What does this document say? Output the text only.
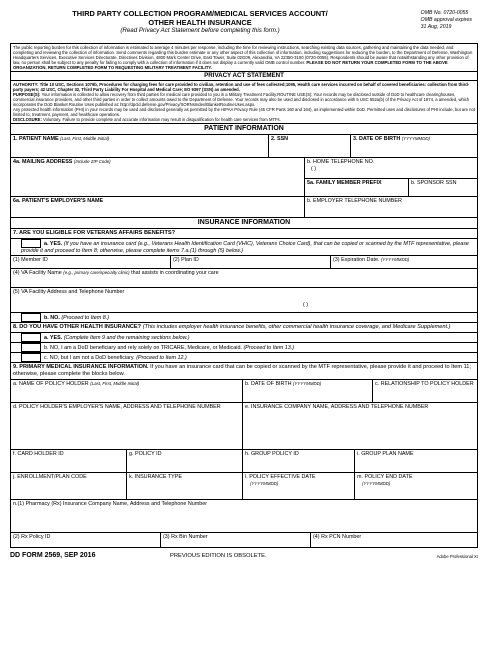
THIRD PARTY COLLECTION PROGRAM/MEDICAL SERVICES ACCOUNT/
OTHER HEALTH INSURANCE
(Read Privacy Act Statement before completing this form.)
OMB No. 0720-0055
OMB approval expires
31 Aug, 2019
The public reporting burden for this collection of information is estimated to average 4 minutes per response, including the time for reviewing instructions, searching existing data sources, gathering and maintaining the data needed, and completing and reviewing the collection of information. Send comments regarding this burden estimate or any other aspect of this collection of information, including suggestions for reducing the burden, to the Department of Defense, Washington Headquarters Services, Executive Services Directorate, Directives Division, 4800 Mark Center Drive, East Tower, Suite 02G09, Alexandria, VA 22350-3100 (0720-0055). Respondents should be aware that notwithstanding any other provision of law, no person shall be subject to any penalty for failing to comply with a collection of information if it does not display a currently valid OMB control number. PLEASE DO NOT RETURN YOUR COMPLETED FORM TO THE ABOVE ORGANIZATION. RETURN COMPLETED FORM TO REQUESTING MILITARY TREATMENT FACILITY.
PRIVACY ACT STATEMENT
AUTHORITY: Title 10 USC, Sections 1079b, Procedures for charging fees for care provided to civilian, retention and use of fees collected;1095, Health care services incurred on behalf of covered beneficiaries: collection from third-party payers; 42 USC, Chapter 32, Third Party Liability For Hospital and Medical Care; EO 9397 (SSN) as amended.
PURPOSE(S): Your information is collected to allow recovery from third parties for medical care provided to you in a Military Treatment Facility.ROUTINE USE(S): Your records may be disclosed outside of DoD to healthcare clearinghouses, commercial insurance providers, and other third parties in order to collect amounts owed to the Department of Defense. Your records may also be used and disclosed in accordance with 5 USC 552a(b) of the Privacy Act of 1974, a amended, which incorporates the DoD Blanket Routine Uses published at: http://dpcld.defense.gov/Privacy/SORNsIndex/BlanketRoutineUses.aspx.
Any protected health information (PHI) in your records may be used and disclosed generally as permitted by the HIPAA Privacy Rule (45 CFR Parts 160 and 164), as implemented within DoD. Permitted uses and disclosures of PHI include, but are not limited to, treatment, payment, and healthcare operations.
DISCLOSURE: Voluntary. Failure to provide complete and accurate information may result in disqualification for health care services from MTFs.
PATIENT INFORMATION
1. PATIENT NAME (Last, First, Middle Initial)	2. SSN	3. DATE OF BIRTH (YYYYMMDD)
4a. MAILING ADDRESS (Include ZIP Code)	b. HOME TELEPHONE NO.
( )
5a. FAMILY MEMBER PREFIX	b. SPONSOR SSN
6a. PATIENT'S EMPLOYER'S NAME	b. EMPLOYER TELEPHONE NUMBER
INSURANCE INFORMATION
7. ARE YOU ELIGIBLE FOR VETERANS AFFAIRS BENEFITS?
a. YES. (If you have an insurance card (e.g., Veterans Health Identification Card (VHIC), Veterans Choice Card), that can be copied or scanned by the MTF representative, please provide it and proceed to Item 8; otherwise, please complete items 7.a.(1) through (5) below.)
(1) Member ID	(2) Plan ID	(3) Expiration Date. (YYYYMMDD)
(4) VA Facility Name (e.g., primary care/specialty clinic) that assists in coordinating your care
(5) VA Facility Address and Telephone Number
( )
b. NO. (Proceed to Item 8.)
8. DO YOU HAVE OTHER HEALTH INSURANCE? (This includes employer health insurance benefits, other commercial health insurance coverage, and Medicare Supplement.)
a. YES. (Complete Item 9 and the remaining sections below.)
b. NO, I am a DoD beneficiary and rely solely on TRICARE, Medicare, or Medicaid. (Proceed to Item 13.)
c. NO, but I am not a DoD beneficiary. (Proceed to Item 12.)
9. PRIMARY MEDICAL INSURANCE INFORMATION. If you have an insurance card that can be copied or scanned by the MTF representative, please provide it and proceed to Item 11; otherwise, please complete the blocks below.
a. NAME OF POLICY HOLDER (Last, First, Middle Initial)	b. DATE OF BIRTH (YYYYMMDD)	c. RELATIONSHIP TO POLICY HOLDER
d. POLICY HOLDER'S EMPLOYER'S NAME, ADDRESS AND TELEPHONE NUMBER	e. INSURANCE COMPANY NAME, ADDRESS AND TELEPHONE NUMBER
f. CARD HOLDER ID	g. POLICY ID	h. GROUP POLICY ID	i. GROUP PLAN NAME
j. ENROLLMENT/PLAN CODE	k. INSURANCE TYPE	l. POLICY EFFECTIVE DATE
(YYYYMMDD)
m. POLICY END DATE
(YYYYMMDD)
n.(1) Pharmacy (Rx) Insurance Company Name, Address and Telephone Number
(2) Rx Policy ID	(3) Rx Bin Number	(4) Rx PCN Number
DD FORM 2569, SEP 2016	PREVIOUS EDITION IS OBSOLETE.	Adobe Professional XI
